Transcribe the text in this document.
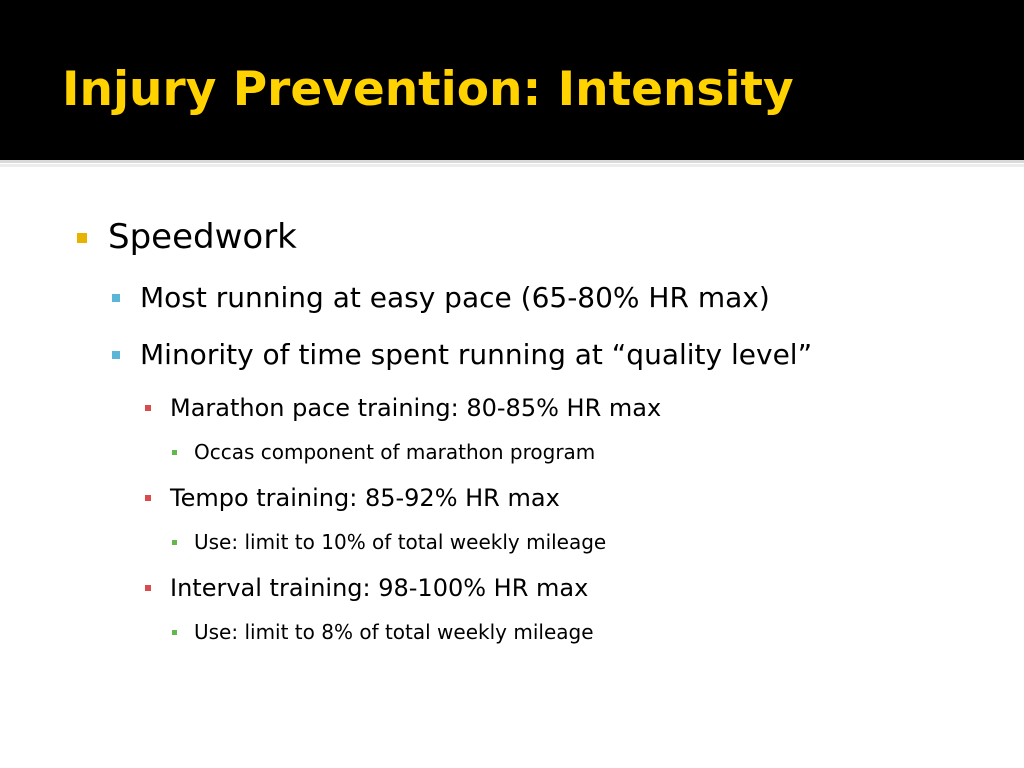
Injury Prevention: Intensity

Speedwork

Most running at easy pace (65-80% HR max)

Minority of time spent running at “quality level”

Marathon pace training: 80-85% HR max

Occas component of marathon program

Tempo training: 85-92% HR max

Use: limit to 10% of total weekly mileage

Interval training: 98-100% HR max

Use: limit to 8% of total weekly mileage
